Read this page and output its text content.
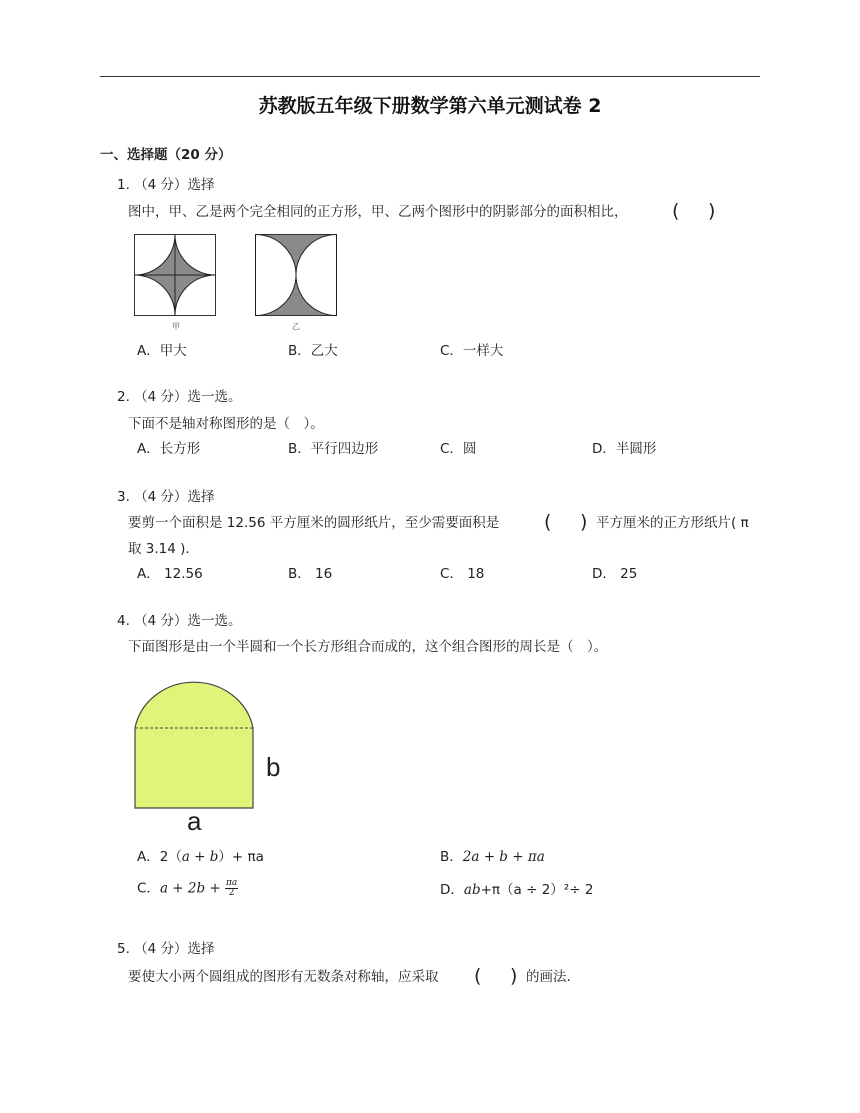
苏教版五年级下册数学第六单元测试卷 2
一、选择题（20 分）
1. （4 分）选择
图中，甲、乙是两个完全相同的正方形，甲、乙两个图形中的阴影部分的面积相比， ( )
甲	乙
A．甲大	B．乙大	C．一样大
2. （4 分）选一选。
下面不是轴对称图形的是（　）。
A．长方形	B．平行四边形	C．圆	D．半圆形
3. （4 分）选择
要剪一个面积是 12.56 平方厘米的圆形纸片，至少需要面积是 ( ) 平方厘米的正方形纸片( π
取 3.14 ).
A． 12.56	B． 16	C． 18	D． 25
4. （4 分）选一选。
下面图形是由一个半圆和一个长方形组合而成的，这个组合图形的周长是（　）。
b
a
A．2（a + b）+ πa	B．2a + b + πa
C．$a + 2b + \frac{\pi a}{2}$	D．ab+π（a ÷ 2）²÷ 2
5. （4 分）选择
要使大小两个圆组成的图形有无数条对称轴，应采取 ( ) 的画法.
